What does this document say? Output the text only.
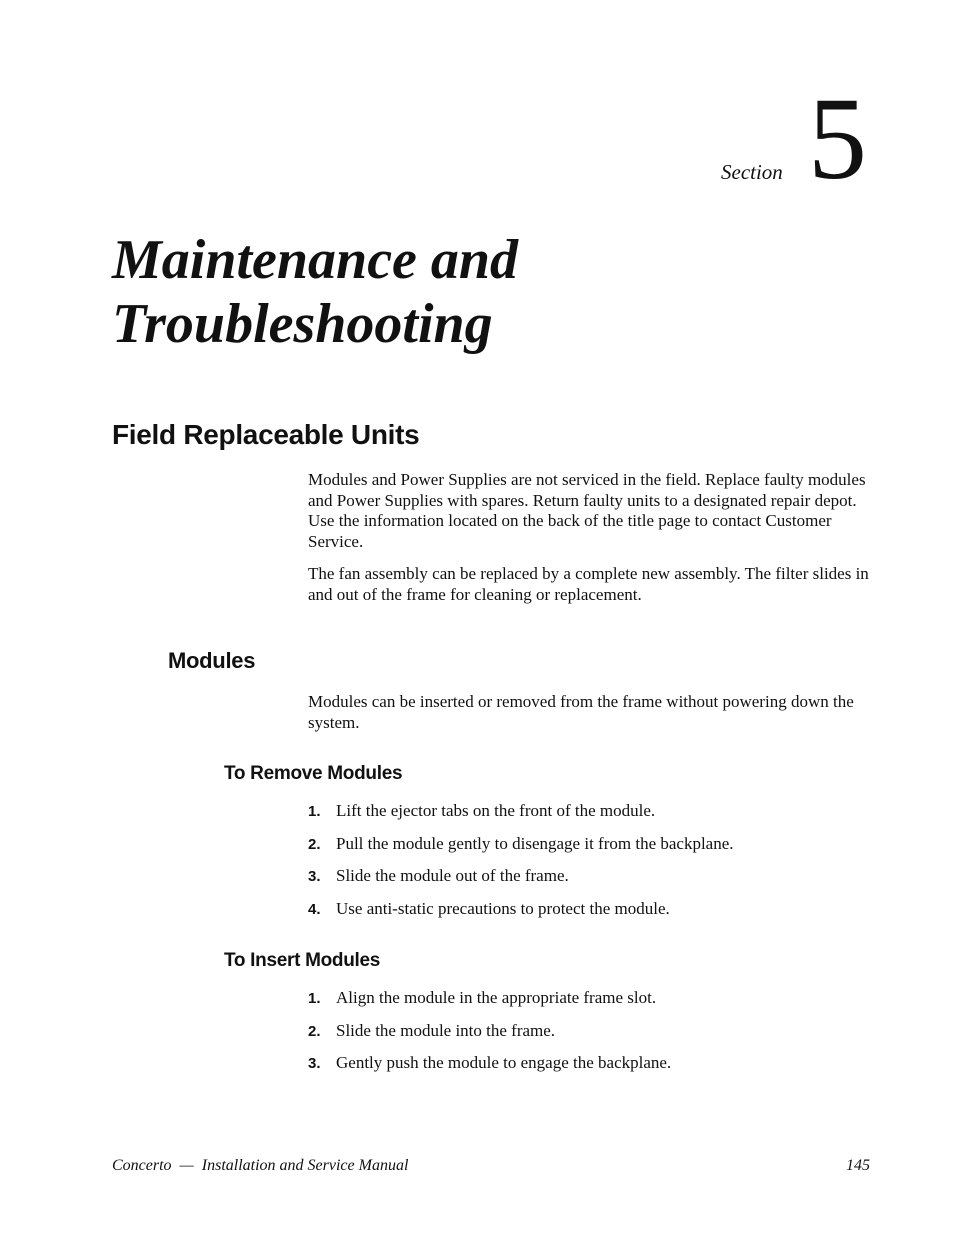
Section 5
Maintenance and
Troubleshooting
Field Replaceable Units

Modules and Power Supplies are not serviced in the field. Replace faulty modules and Power Supplies with spares. Return faulty units to a designated repair depot. Use the information located on the back of the title page to contact Customer Service.

The fan assembly can be replaced by a complete new assembly. The filter slides in and out of the frame for cleaning or replacement.

Modules

Modules can be inserted or removed from the frame without powering down the system.

To Remove Modules
1. Lift the ejector tabs on the front of the module.
2. Pull the module gently to disengage it from the backplane.
3. Slide the module out of the frame.
4. Use anti-static precautions to protect the module.
To Insert Modules
1. Align the module in the appropriate frame slot.
2. Slide the module into the frame.
3. Gently push the module to engage the backplane.
Concerto  —  Installation and Service Manual	145
